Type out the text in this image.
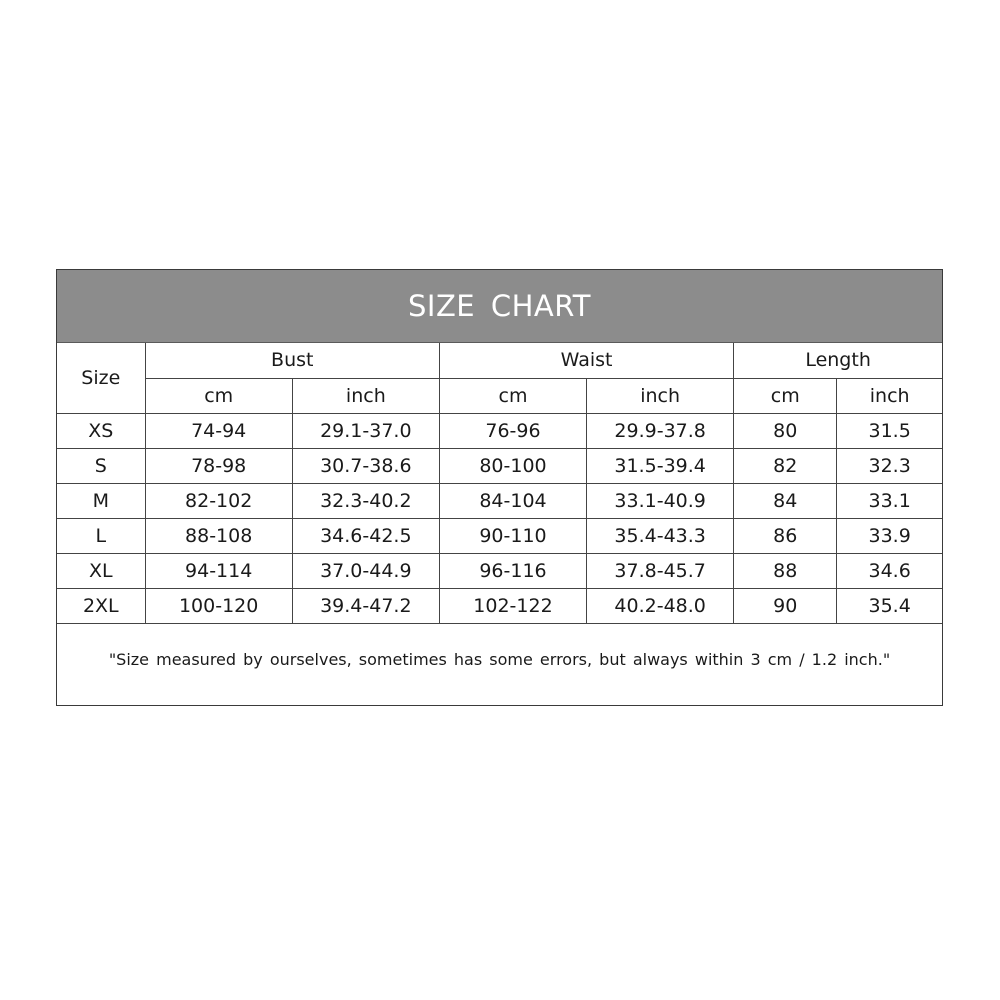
SIZE CHART
Size	Bust		Waist		Length	
	cm	inch	cm	inch	cm	inch
XS	74-94	29.1-37.0	76-96	29.9-37.8	80	31.5
S	78-98	30.7-38.6	80-100	31.5-39.4	82	32.3
M	82-102	32.3-40.2	84-104	33.1-40.9	84	33.1
L	88-108	34.6-42.5	90-110	35.4-43.3	86	33.9
XL	94-114	37.0-44.9	96-116	37.8-45.7	88	34.6
2XL	100-120	39.4-47.2	102-122	40.2-48.0	90	35.4
"Size measured by ourselves, sometimes has some errors, but always within 3 cm / 1.2 inch."
